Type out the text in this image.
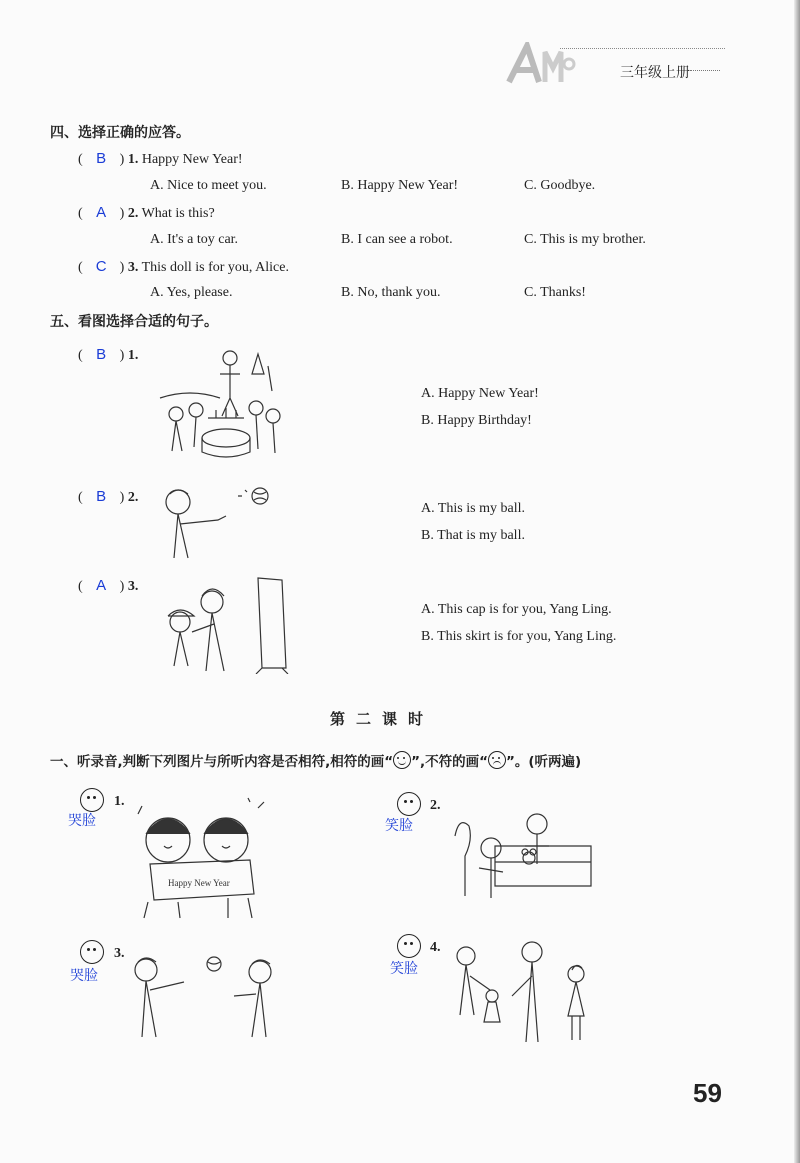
三年级上册
四、选择正确的应答。
( B ) 1. Happy New Year!
A. Nice to meet you.	B. Happy New Year!	C. Goodbye.
( A ) 2. What is this?
A. It's a toy car.	B. I can see a robot.	C. This is my brother.
( C ) 3. This doll is for you, Alice.
A. Yes, please.	B. No, thank you.	C. Thanks!
五、看图选择合适的句子。
( B ) 1.
A. Happy New Year!
B. Happy Birthday!
( B ) 2.
A. This is my ball.
B. That is my ball.
( A ) 3.
A. This cap is for you, Yang Ling.
B. This skirt is for you, Yang Ling.
第二课时
一、听录音,判断下列图片与所听内容是否相符,相符的画“ ”,不符的画“ ”。(听两遍)
1.
哭脸
Happy New Year
2.
笑脸
3.
哭脸
4.
笑脸
59
